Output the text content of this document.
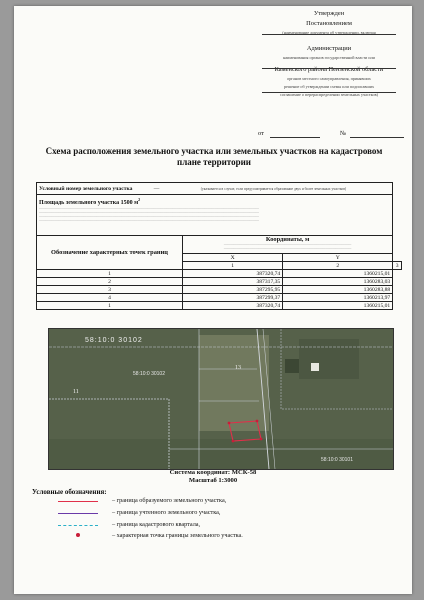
Утвержден
Постановлением
(наименование документа об утверждении, включая
Администрации
наименования органов государственной власти или
Каменского района Пензенской области
органов местного самоуправления, принявших
решение об утверждении схемы или подписавших
соглашение о перераспределении земельных участков)
от	№
Схема расположения земельного участка или земельных участков на кадастровом плане территории
Условный номер земельного участка — (указывается в случае, если предусматривается образование двух и более земельных участков)			

Площадь земельного участка 1500 $м^2$
—————————————————————————————————————————————————————————————————————
—————————————————————————————————————————————————————————————————————
—————————————————————————————————————————————————————————————————————
—————————————————————————————————————————————————————————————————————			

Обозначение характерных точек границ	Координаты, м
————————————————————————————————————————
————————————————————————————————————————		

	X	Y	
	1	2	3
1	387320,74	1360215,01	
2	387317,35	1360283,03	
3	387295,95	1360283,88	
4	387299,37	1360213,97	
1	387320,74	1360215,01	
58:10:0 30102
58:10:0 30102
13
11
58:10:0 30101
Система координат: МСК-58
Масштаб 1:3000
Условные обозначения:
– граница образуемого земельного участка,
– граница учтенного земельного участка,
– граница кадастрового квартала,
– характерная точка границы земельного участка.
